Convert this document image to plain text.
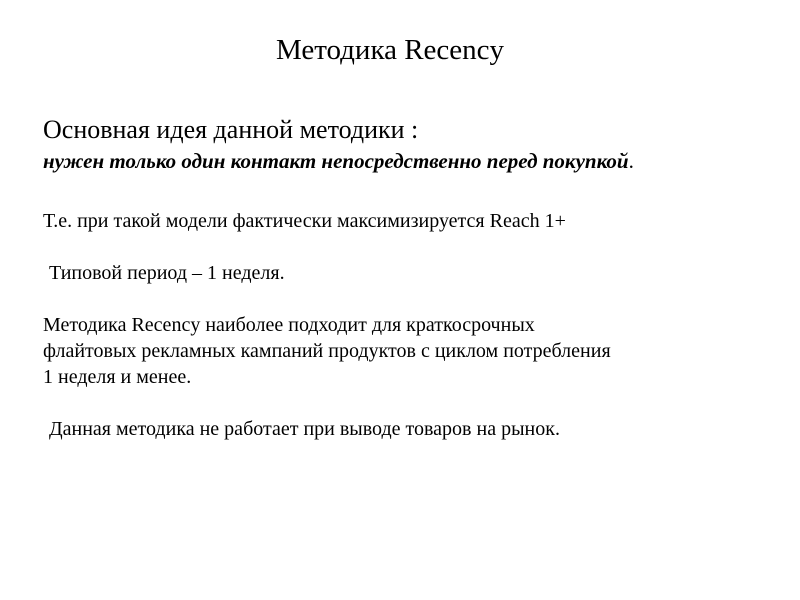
Методика Recency

Основная идея данной методики :

нужен только один контакт непосредственно перед покупкой.

Т.е. при такой модели фактически максимизируется Reach 1+

Типовой период – 1 неделя.

Методика Recency наиболее подходит для краткосрочных

флайтовых рекламных кампаний продуктов с циклом потребления

1 неделя и менее.

Данная методика не работает при выводе товаров на рынок.
